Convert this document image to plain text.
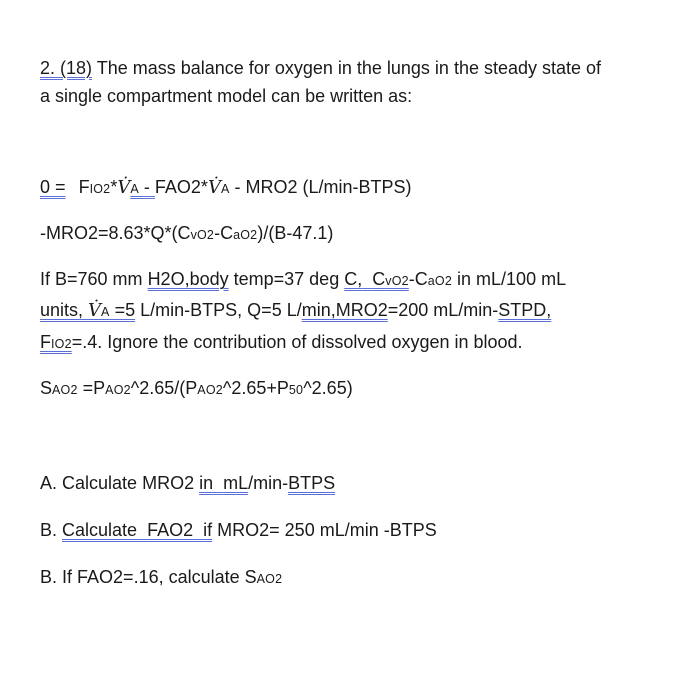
2. (18) The mass balance for oxygen in the lungs in the steady state of
a single compartment model can be written as:
0 = FIO2*V̇A - FAO2*V̇A - MRO2 (L/min-BTPS)
-MRO2=8.63*Q*(CvO2-CaO2)/(B-47.1)
If B=760 mm H2O,body temp=37 deg C, CvO2-CaO2 in mL/100 mL
units, V̇A =5 L/min-BTPS, Q=5 L/min,MRO2=200 mL/min-STPD,
FIO2=.4. Ignore the contribution of dissolved oxygen in blood.
SAO2 =PAO2^2.65/(PAO2^2.65+P50^2.65)
A. Calculate MRO2 in mL/min-BTPS
B. Calculate FAO2 if MRO2= 250 mL/min -BTPS
B. If FAO2=.16, calculate SAO2
